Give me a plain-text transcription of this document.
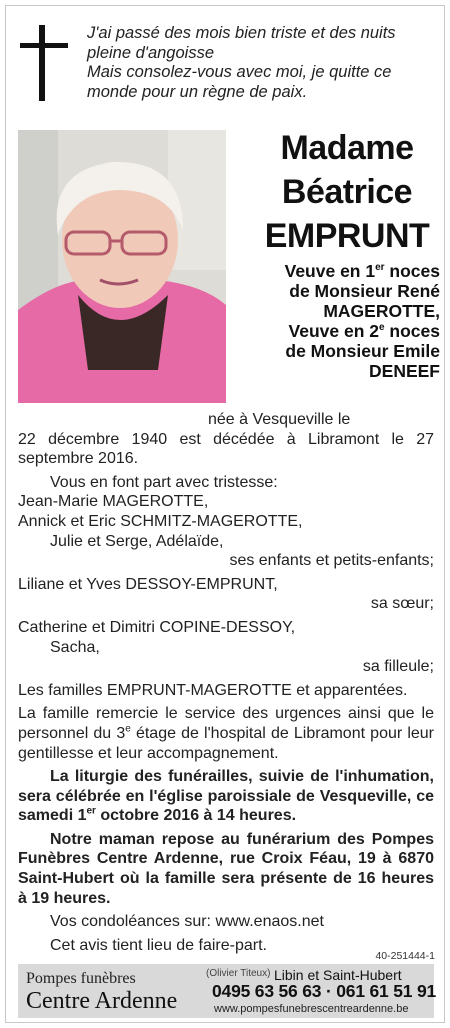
J'ai passé des mois bien triste et des nuits
pleine d'angoisse
Mais consolez-vous avec moi, je quitte ce
monde pour un règne de paix.
Madame
Béatrice
EMPRUNT
Veuve en 1er noces
de Monsieur René
MAGEROTTE,
Veuve en 2e noces
de Monsieur Emile
DENEEF

née à Vesqueville le

22 décembre 1940 est décédée à Libramont le 27 septembre 2016.

Vous en font part avec tristesse:

Jean-Marie MAGEROTTE,

Annick et Eric SCHMITZ-MAGEROTTE,

Julie et Serge, Adélaïde,

ses enfants et petits-enfants;

Liliane et Yves DESSOY-EMPRUNT,

sa sœur;

Catherine et Dimitri COPINE-DESSOY,

Sacha,

sa filleule;

Les familles EMPRUNT-MAGEROTTE et apparentées.

La famille remercie le service des urgences ainsi que le personnel du 3e étage de l'hospital de Libramont pour leur gentillesse et leur accompagnement.

La liturgie des funérailles, suivie de l'inhumation, sera célébrée en l'église paroissiale de Vesqueville, ce samedi 1er octobre 2016 à 14 heures.

Notre maman repose au funérarium des Pompes Funèbres Centre Ardenne, rue Croix Féau, 19 à 6870 Saint-Hubert où la famille sera présente de 16 heures à 19 heures.

Vos condoléances sur: www.enaos.net

Cet avis tient lieu de faire-part.

40-251444-1
Pompes funèbres
Centre Ardenne
(Olivier Titeux) Libin et Saint-Hubert
0495 63 56 63 · 061 61 51 91
www.pompesfunebrescentreardenne.be
